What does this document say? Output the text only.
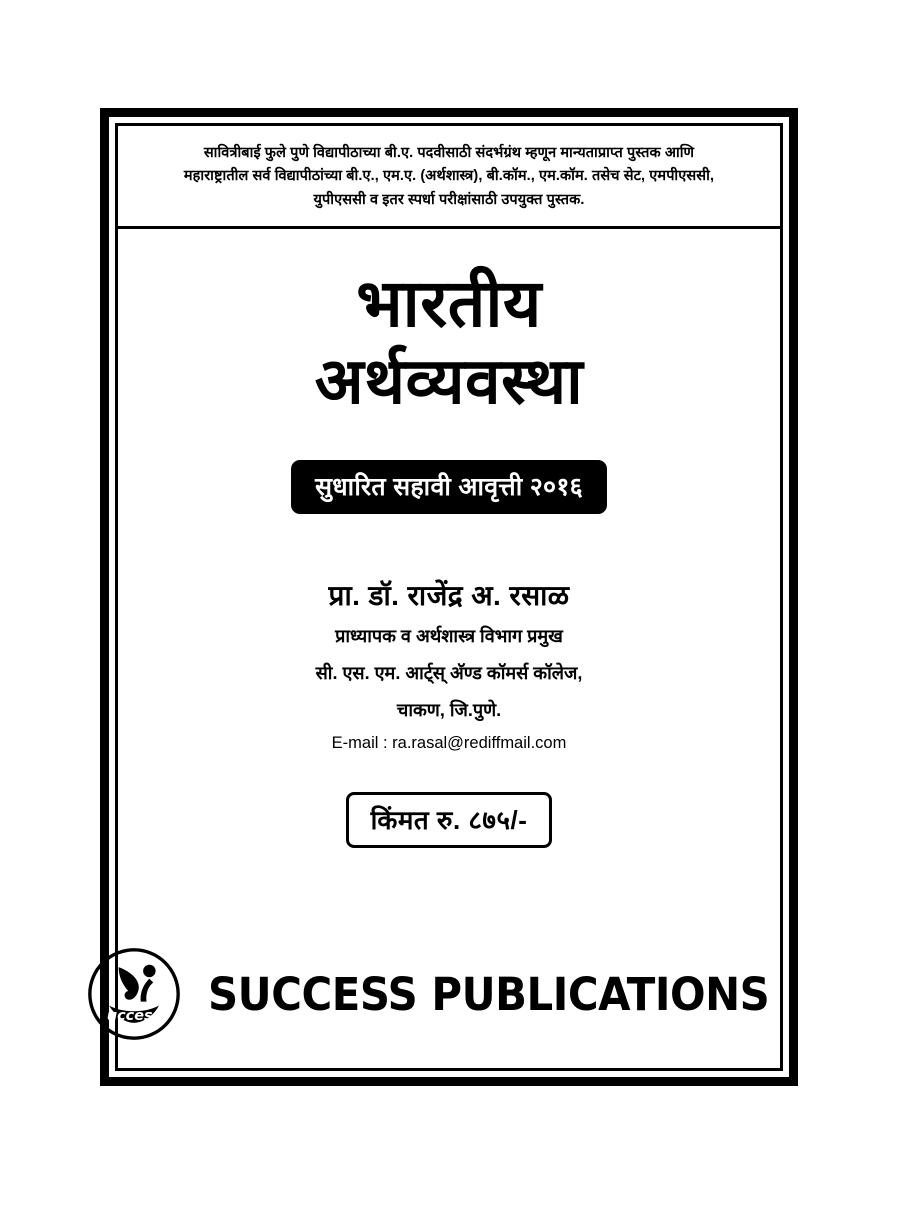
सावित्रीबाई फुले पुणे विद्यापीठाच्या बी.ए. पदवीसाठी संदर्भग्रंथ म्हणून मान्यताप्राप्त पुस्तक आणि
महाराष्ट्रातील सर्व विद्यापीठांच्या बी.ए., एम.ए. (अर्थशास्त्र), बी.कॉम., एम.कॉम. तसेच सेट, एमपीएससी,
युपीएससी व इतर स्पर्धा परीक्षांसाठी उपयुक्त पुस्तक.
भारतीय
अर्थव्यवस्था
सुधारित सहावी आवृत्ती २०१६
प्रा. डॉ. राजेंद्र अ. रसाळ
प्राध्यापक व अर्थशास्त्र विभाग प्रमुख
सी. एस. एम. आर्ट्स् अ‍ॅण्ड कॉमर्स कॉलेज,
चाकण, जि.पुणे.
E-mail : ra.rasal@rediffmail.com
किंमत रु. ८७५/-
uccess SUCCESS PUBLICATIONS
